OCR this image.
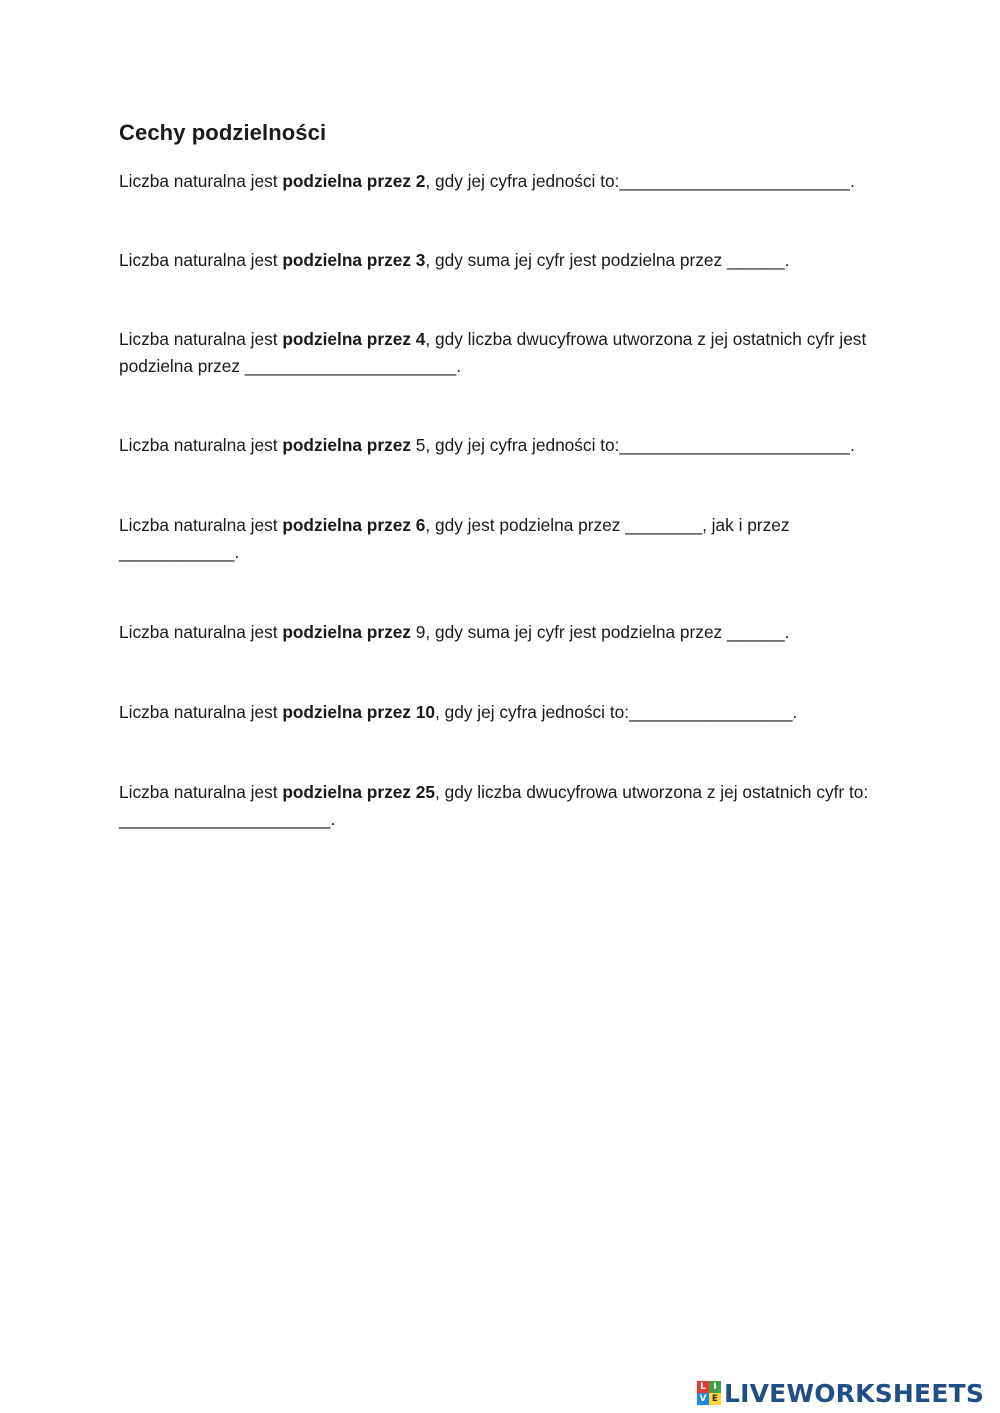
Cechy podzielności

Liczba naturalna jest podzielna przez 2, gdy jej cyfra jedności to:________________________.

Liczba naturalna jest podzielna przez 3, gdy suma jej cyfr jest podzielna przez ______.

Liczba naturalna jest podzielna przez 4, gdy liczba dwucyfrowa utworzona z jej ostatnich cyfr jest podzielna przez ______________________.

Liczba naturalna jest podzielna przez 5, gdy jej cyfra jedności to:________________________.

Liczba naturalna jest podzielna przez 6, gdy jest podzielna przez ________, jak i przez ____________.

Liczba naturalna jest podzielna przez 9, gdy suma jej cyfr jest podzielna przez ______.

Liczba naturalna jest podzielna przez 10, gdy jej cyfra jedności to:_________________.

Liczba naturalna jest podzielna przez 25, gdy liczba dwucyfrowa utworzona z jej ostatnich cyfr to: ______________________.

L I
V E LIVEWORKSHEETS
